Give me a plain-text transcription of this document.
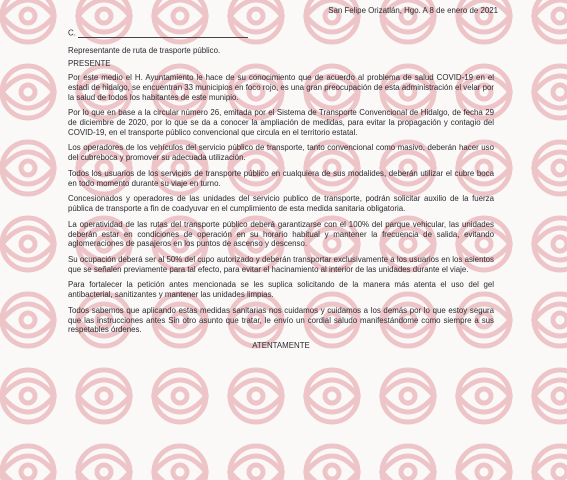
San Felipe Orizatlán, Hgo. A 8 de enero de 2021
C.
Representante de ruta de trasporte público.
PRESENTE

Por este medio el H. Ayuntamiento le hace de su conocimiento que de acuerdo al problema de salud COVID-19 en el estadi de hidalgo, se encuentran 33 municipios en foco rojo, es una gran preocupación de esta administración el velar por la salud de todos los habitantes de este munipio.

Por lo que en base a la circular número 26, emitada por el Sistema de Transporte Convencional de Hidalgo, de fecha 29 de diciembre de 2020, por lo que se da a conocer la ampliación de medidas, para evitar la propagación y contagio del COVID-19, en el transporte público convencional que circula en el territorio estatal.

Los operadores de los vehículos del servicio público de transporte, tanto convencional como masivo, deberán hacer uso del cubreboca y promover su adecuada utilización.

Todos los usuarios de los servicios de transporte público en cualquiera de sus modalides, deberán utilizar el cubre boca en todo momento durante su viaje en turno.

Concesionados y operadores de las unidades del servicio publico de transporte, podrán solicitar auxilio de la fuerza pública de transporte a fin de coadyuvar en el cumplimiento de esta medida sanitaria obligatoria.

La operatividad de las rutas del transporte público deberá garantizarse con el 100% del parque vehicular, las unidades deberán estar en condiciones de operación en su horario habitual y mantener la frecuencia de salida, evitando aglomeraciones de pasajeros en los puntos de ascenso y descenso.

Su ocupación deberá ser al 50% del cupo autorizado y deberán transportar exclusivamente a los usuarios en los asientos que se señalen previamente para tal efecto, para evitar el hacinamiento al interior de las unidades durante el viaje.

Para fortalecer la petición antes mencionada se les suplica solicitando de la manera más atenta el uso del gel antibacterial, sanitizantes y mantener las unidades limpias.

Todos sabemos que aplicando estas medidas sanitarias nos cuidamos y cuidamos a los demás por lo que estoy segura que las instrucciones antes Sin otro asunto que tratar, le envío un cordial saludo manifestándome como siempre a sus respetables órdenes.

ATENTAMENTE
